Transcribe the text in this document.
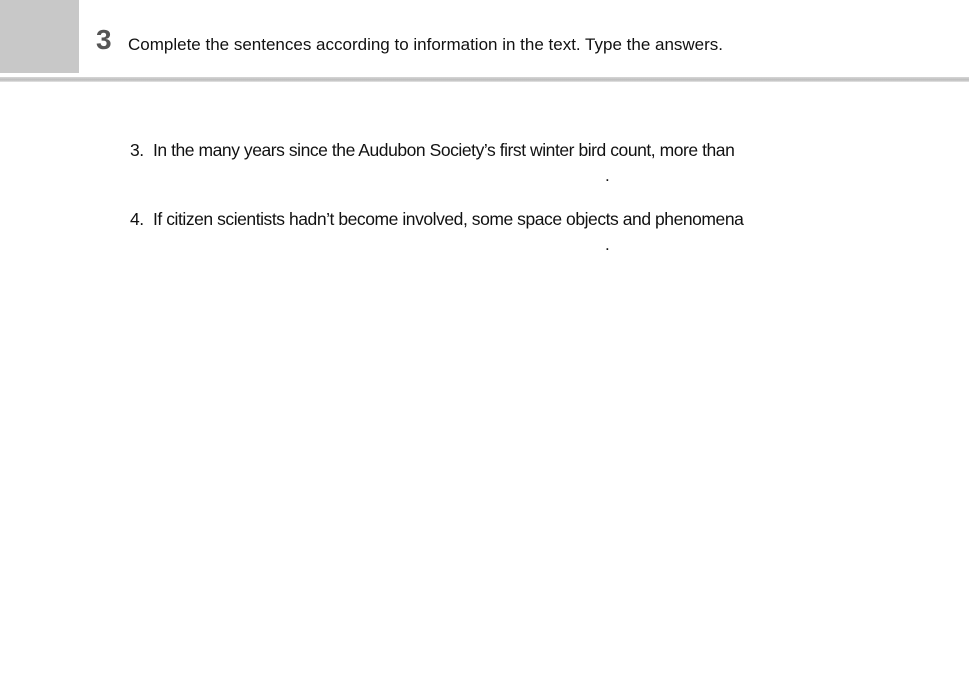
3 Complete the sentences according to information in the text. Type the answers.
3. In the many years since the Audubon Society’s first winter bird count, more than
.
4. If citizen scientists hadn’t become involved, some space objects and phenomena
.
